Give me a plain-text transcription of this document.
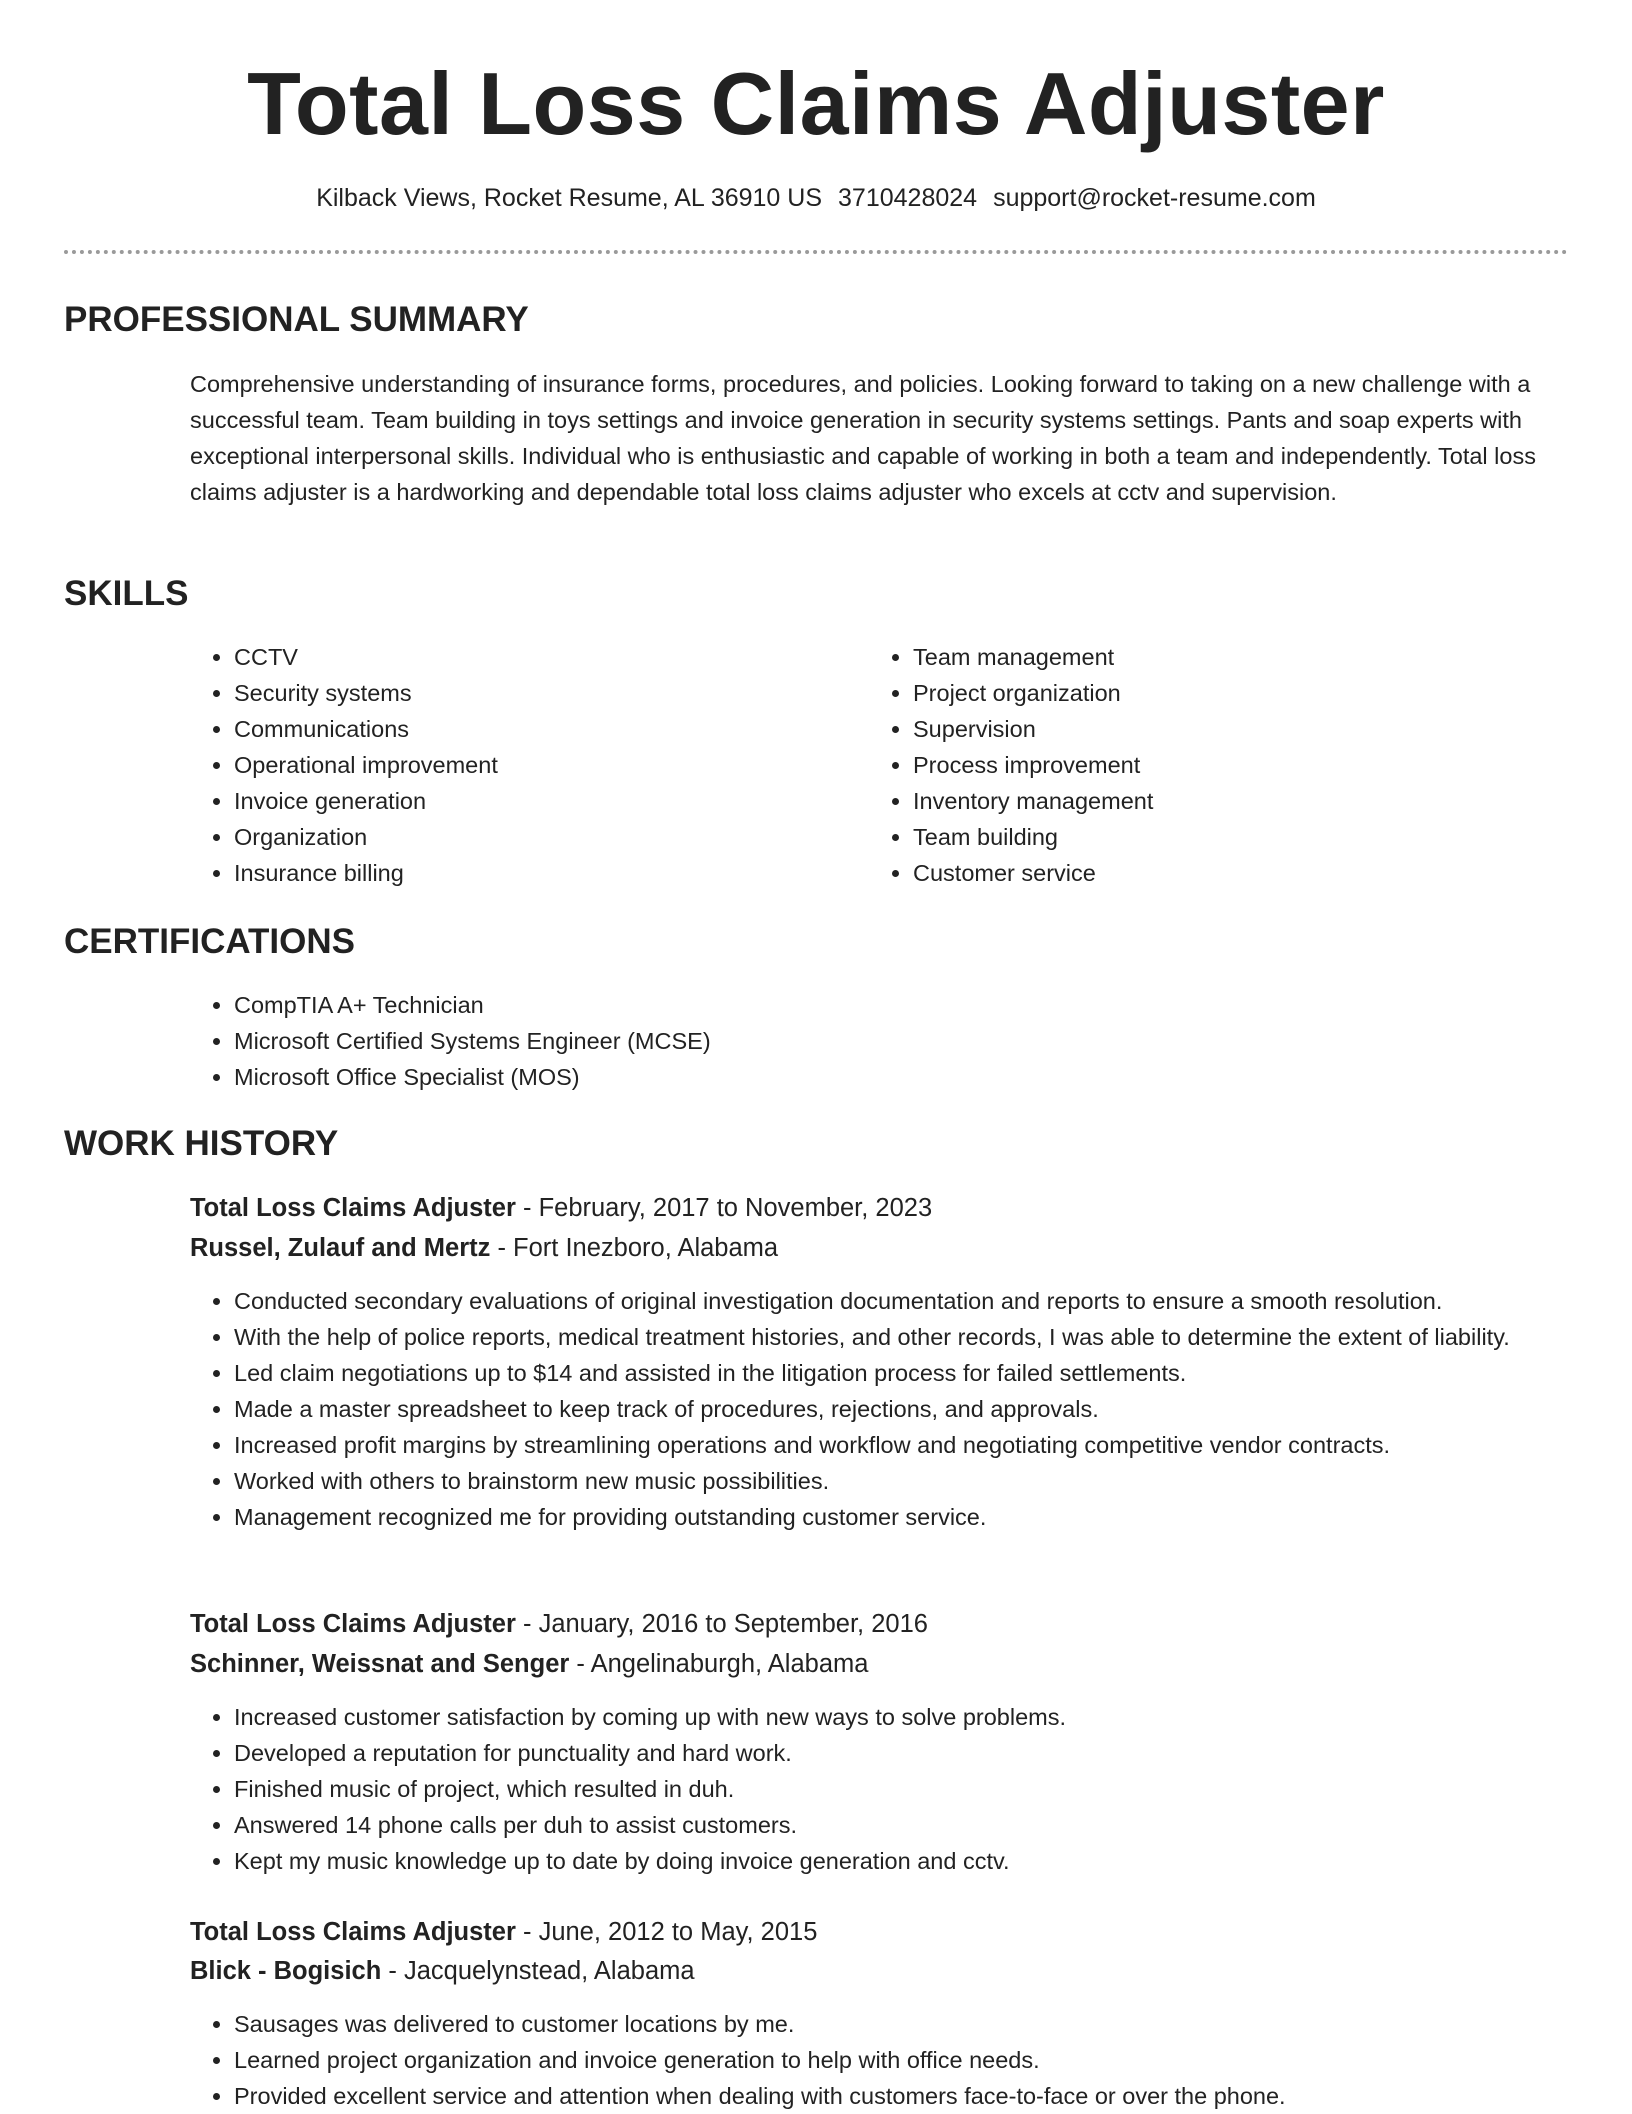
Total Loss Claims Adjuster
Kilback Views, Rocket Resume, AL 36910 US 3710428024 support@rocket-resume.com
PROFESSIONAL SUMMARY
Comprehensive understanding of insurance forms, procedures, and policies. Looking forward to taking on a new challenge with a successful team. Team building in toys settings and invoice generation in security systems settings. Pants and soap experts with exceptional interpersonal skills. Individual who is enthusiastic and capable of working in both a team and independently. Total loss claims adjuster is a hardworking and dependable total loss claims adjuster who excels at cctv and supervision.
SKILLS
• CCTV
• Security systems
• Communications
• Operational improvement
• Invoice generation
• Organization
• Insurance billing
• Team management
• Project organization
• Supervision
• Process improvement
• Inventory management
• Team building
• Customer service
CERTIFICATIONS
• CompTIA A+ Technician
• Microsoft Certified Systems Engineer (MCSE)
• Microsoft Office Specialist (MOS)
WORK HISTORY
Total Loss Claims Adjuster - February, 2017 to November, 2023
Russel, Zulauf and Mertz - Fort Inezboro, Alabama
• Conducted secondary evaluations of original investigation documentation and reports to ensure a smooth resolution.
• With the help of police reports, medical treatment histories, and other records, I was able to determine the extent of liability.
• Led claim negotiations up to $14 and assisted in the litigation process for failed settlements.
• Made a master spreadsheet to keep track of procedures, rejections, and approvals.
• Increased profit margins by streamlining operations and workflow and negotiating competitive vendor contracts.
• Worked with others to brainstorm new music possibilities.
• Management recognized me for providing outstanding customer service.
Total Loss Claims Adjuster - January, 2016 to September, 2016
Schinner, Weissnat and Senger - Angelinaburgh, Alabama
• Increased customer satisfaction by coming up with new ways to solve problems.
• Developed a reputation for punctuality and hard work.
• Finished music of project, which resulted in duh.
• Answered 14 phone calls per duh to assist customers.
• Kept my music knowledge up to date by doing invoice generation and cctv.
Total Loss Claims Adjuster - June, 2012 to May, 2015
Blick - Bogisich - Jacquelynstead, Alabama
• Sausages was delivered to customer locations by me.
• Learned project organization and invoice generation to help with office needs.
• Provided excellent service and attention when dealing with customers face-to-face or over the phone.
